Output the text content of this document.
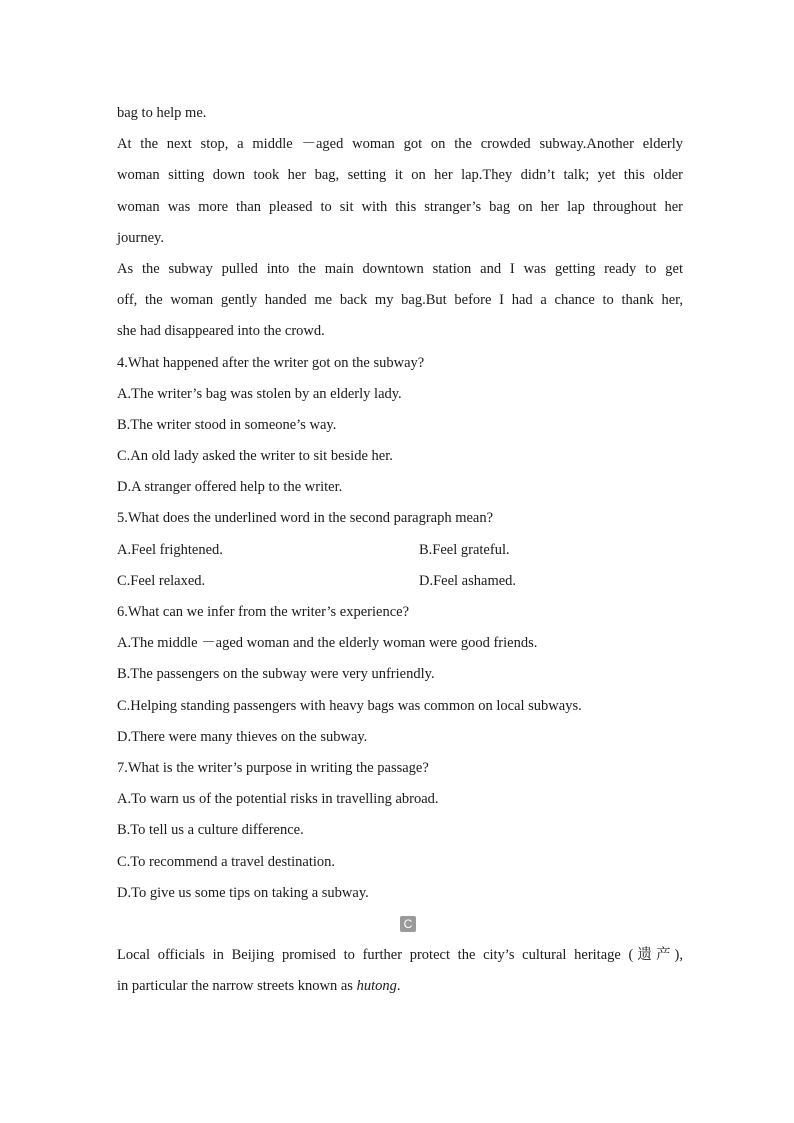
bag to help me.
At the next stop, a middle －aged woman got on the crowded subway.Another elderly
woman sitting down took her bag, setting it on her lap.They didn’t talk; yet this older
woman was more than pleased to sit with this stranger’s bag on her lap throughout her
journey.
As the subway pulled into the main downtown station and I was getting ready to get
off, the woman gently handed me back my bag.But before I had a chance to thank her,
she had disappeared into the crowd.
4.What happened after the writer got on the subway?
A.The writer’s bag was stolen by an elderly lady.
B.The writer stood in someone’s way.
C.An old lady asked the writer to sit beside her.
D.A stranger offered help to the writer.
5.What does the underlined word in the second paragraph mean?
A.Feel frightened.	B.Feel grateful.
C.Feel relaxed.	D.Feel ashamed.
6.What can we infer from the writer’s experience?
A.The middle －aged woman and the elderly woman were good friends.
B.The passengers on the subway were very unfriendly.
C.Helping standing passengers with heavy bags was common on local subways.
D.There were many thieves on the subway.
7.What is the writer’s purpose in writing the passage?
A.To warn us of the potential risks in travelling abroad.
B.To tell us a culture difference.
C.To recommend a travel destination.
D.To give us some tips on taking a subway.
C
Local officials in Beijing promised to further protect the city’s cultural heritage (遗产),
in particular the narrow streets known as hutong.
